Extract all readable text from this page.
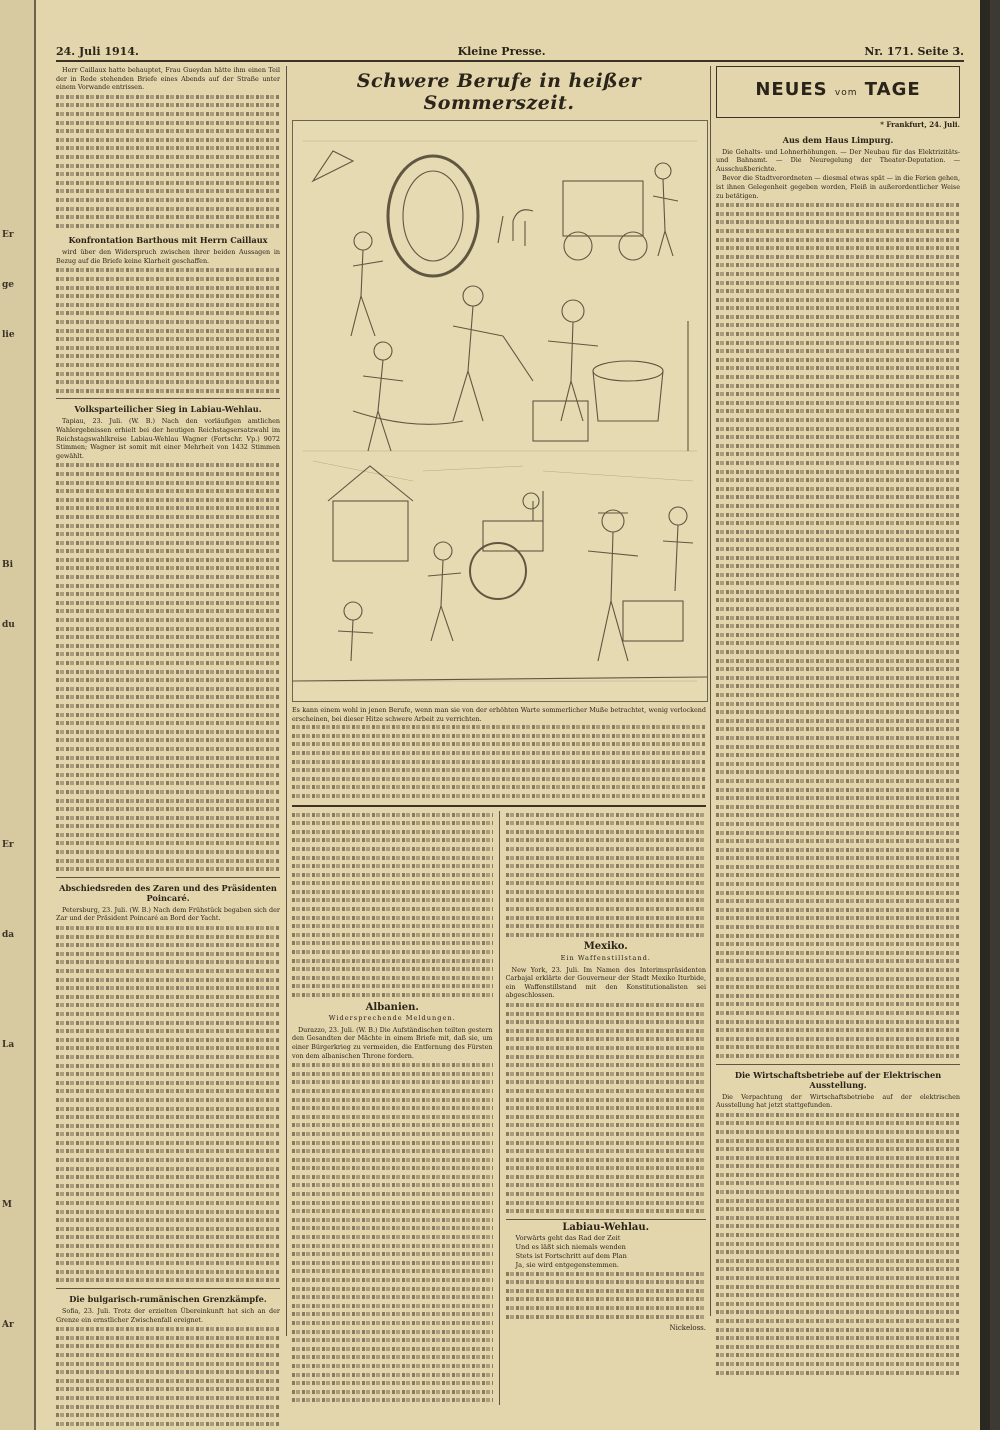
Er
ge
lie
Bi
du
Er
da
La
M
Ar
24. Juli 1914.	Kleine Presse.	Nr. 171. Seite 3.

Herr Caillaux hatte behauptet, Frau Gueydan hätte ihm einen Teil der in Rede stehenden Briefe eines Abends auf der Straße unter einem Vorwande entrissen.

Konfrontation Barthous mit Herrn Caillaux

wird über den Widerspruch zwischen ihrer beiden Aussagen in Bezug auf die Briefe keine Klarheit geschaffen.

Volksparteilicher Sieg in Labiau-Wehlau.

Tapiau, 23. Juli. (W. B.) Nach den vorläufigen amtlichen Wahlergebnissen erhielt bei der heutigen Reichstagsersatzwahl im Reichstagswahlkreise Labiau-Wehlau Wagner (Fortschr. Vp.) 9072 Stimmen; Wagner ist somit mit einer Mehrheit von 1432 Stimmen gewählt.

Abschiedsreden des Zaren und des Präsidenten Poincaré.

Petersburg, 23. Juli. (W. B.) Nach dem Frühstück begaben sich der Zar und der Präsident Poincaré an Bord der Yacht.

Die bulgarisch-rumänischen Grenzkämpfe.

Sofia, 23. Juli. Trotz der erzielten Übereinkunft hat sich an der Grenze ein ernstlicher Zwischenfall ereignet.

Schwere Berufe in heißer Sommerszeit.
Es kann einem wohl in jenen Berufe, wenn man sie von der erhöhten Warte sommerlicher Muße betrachtet, wenig verlockend erscheinen, bei dieser Hitze schwere Arbeit zu verrichten.
Albanien.
Widersprechende Meldungen.

Durazzo, 23. Juli. (W. B.) Die Aufständischen teilten gestern den Gesandten der Mächte in einem Briefe mit, daß sie, um einer Bürgerkrieg zu vermeiden, die Entfernung des Fürsten von dem albanischen Throne fordern.

Mexiko.
Ein Waffenstillstand.

New York, 23. Juli. Im Namen des Interimspräsidenten Carbajal erklärte der Gouverneur der Stadt Mexiko Iturbide, ein Waffenstillstand mit den Konstitutionalisten sei abgeschlossen.

Labiau-Wehlau.
Vorwärts geht das Rad der Zeit
Und es läßt sich niemals wenden
Stets ist Fortschritt auf dem Plan
Ja, sie wird entgegenstemmen.
Nickeloss.
NEUES vom TAGE
* Frankfurt, 24. Juli.
Aus dem Haus Limpurg.

Die Gehalts- und Lohnerhöhungen. — Der Neubau für das Elektrizitäts- und Bahnamt. — Die Neuregelung der Theater-Deputation. — Ausschußberichte.

Bevor die Stadtverordneten — diesmal etwas spät — in die Ferien gehen, ist ihnen Gelegenheit gegeben worden, Fleiß in außerordentlicher Weise zu betätigen.

Die Wirtschaftsbetriebe auf der Elektrischen Ausstellung.

Die Verpachtung der Wirtschaftsbetriebe auf der elektrischen Ausstellung hat jetzt stattgefunden.
